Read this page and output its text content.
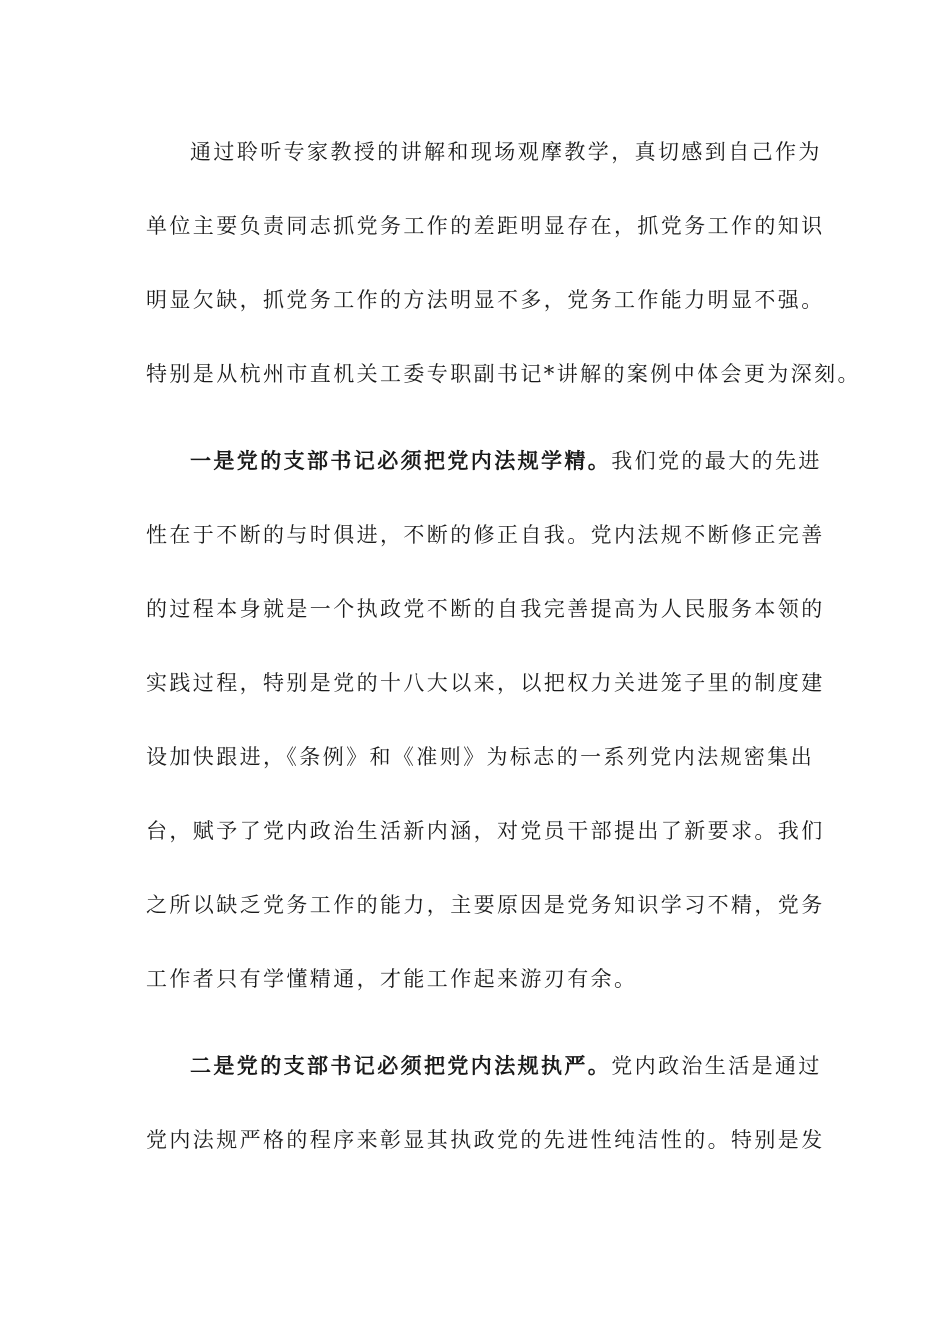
通过聆听专家教授的讲解和现场观摩教学，真切感到自己作为
单位主要负责同志抓党务工作的差距明显存在，抓党务工作的知识
明显欠缺，抓党务工作的方法明显不多，党务工作能力明显不强。
特别是从杭州市直机关工委专职副书记*讲解的案例中体会更为深刻。
一是党的支部书记必须把党内法规学精。我们党的最大的先进
性在于不断的与时俱进，不断的修正自我。党内法规不断修正完善
的过程本身就是一个执政党不断的自我完善提高为人民服务本领的
实践过程，特别是党的十八大以来，以把权力关进笼子里的制度建
设加快跟进，《条例》和《准则》为标志的一系列党内法规密集出
台，赋予了党内政治生活新内涵，对党员干部提出了新要求。我们
之所以缺乏党务工作的能力，主要原因是党务知识学习不精，党务
工作者只有学懂精通，才能工作起来游刃有余。
二是党的支部书记必须把党内法规执严。党内政治生活是通过
党内法规严格的程序来彰显其执政党的先进性纯洁性的。特别是发
